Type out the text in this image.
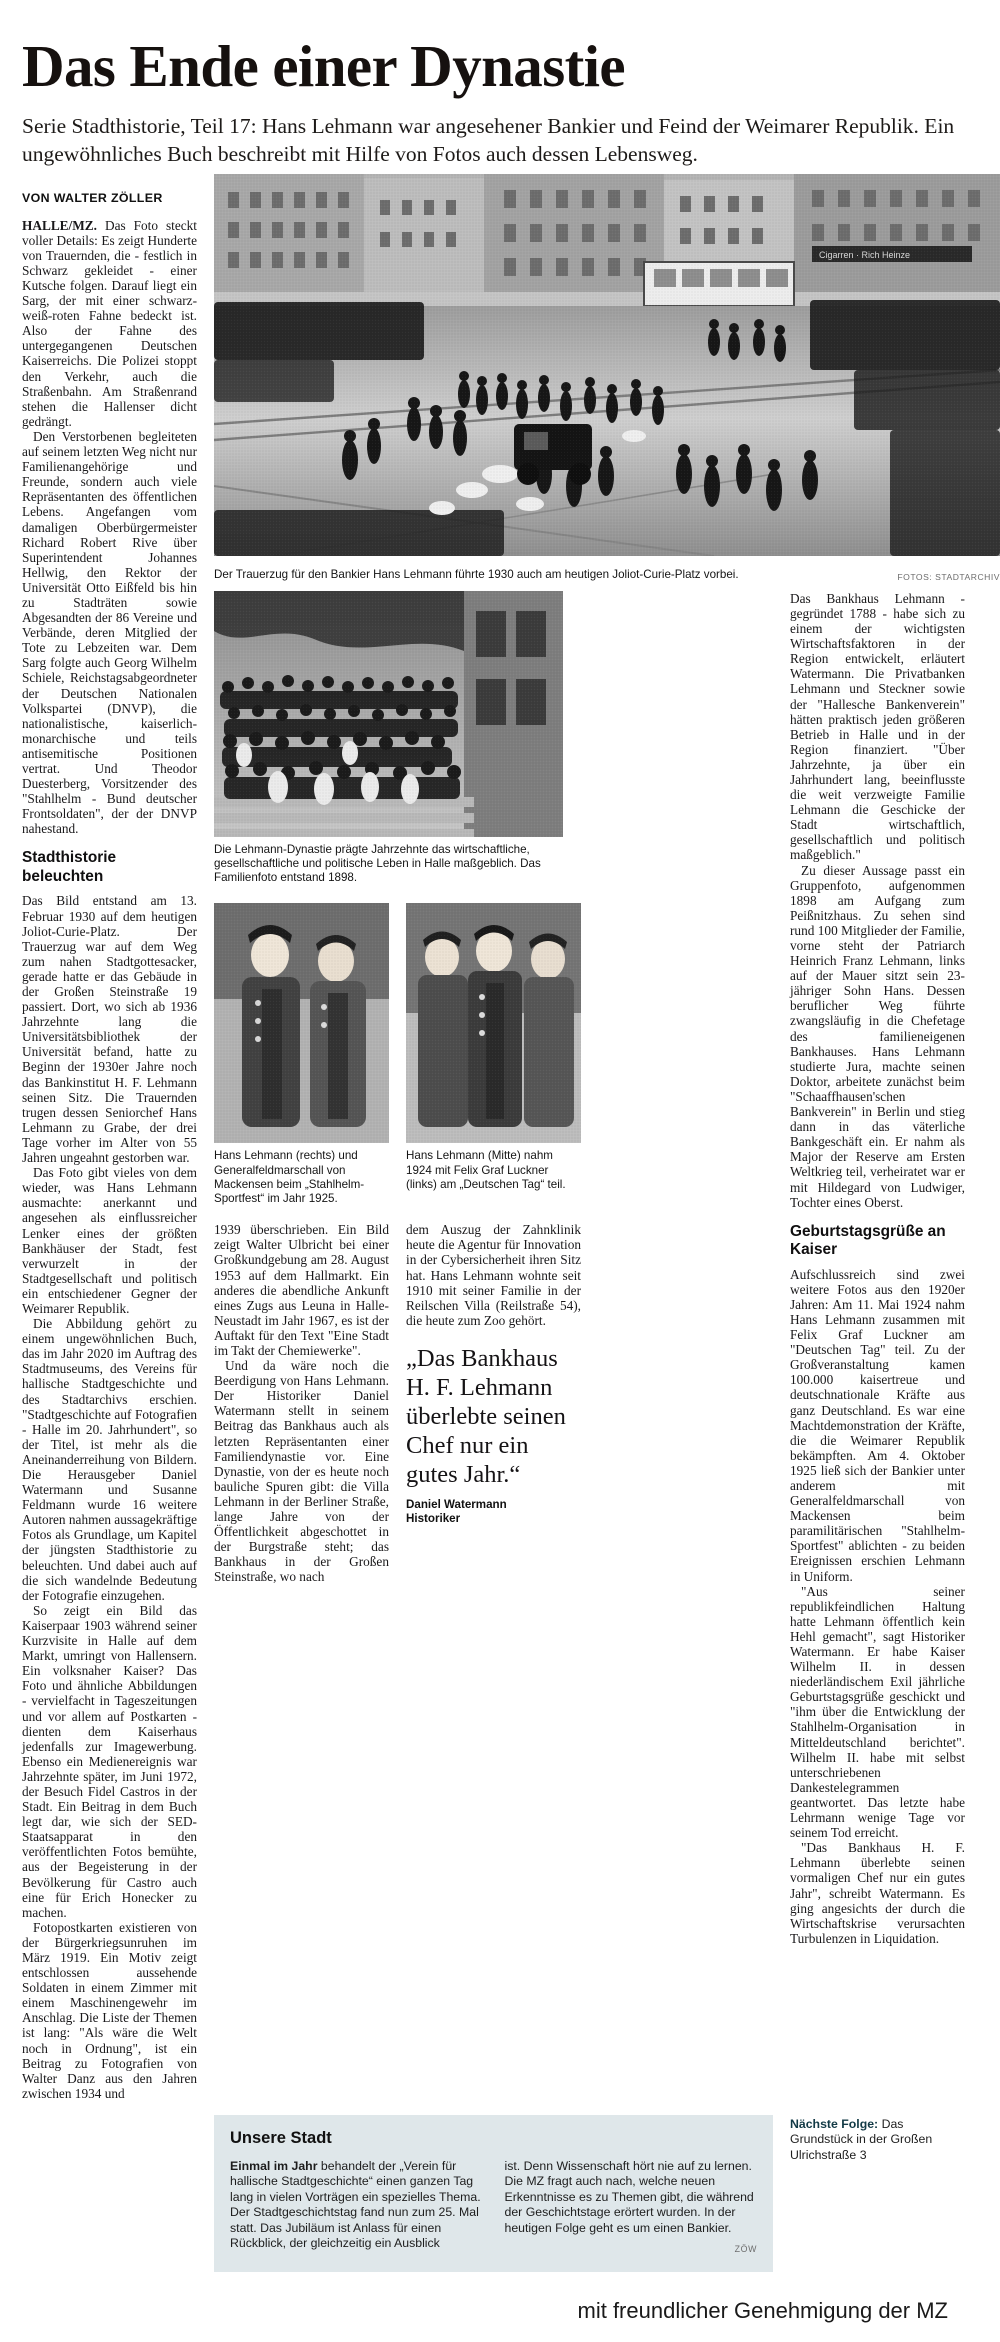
Das Ende einer Dynastie

Serie Stadthistorie, Teil 17: Hans Lehmann war angesehener Bankier und Feind der Weimarer Republik. Ein ungewöhnliches Buch beschreibt mit Hilfe von Fotos auch dessen Lebensweg.

VON WALTER ZÖLLER

HALLE/MZ. Das Foto steckt voller Details: Es zeigt Hunderte von Trauernden, die - festlich in Schwarz gekleidet - einer Kutsche folgen. Darauf liegt ein Sarg, der mit einer schwarz-weiß-roten Fahne bedeckt ist. Also der Fahne des untergegangenen Deutschen Kaiserreichs. Die Polizei stoppt den Verkehr, auch die Straßenbahn. Am Straßenrand stehen die Hallenser dicht gedrängt.

Den Verstorbenen begleiteten auf seinem letzten Weg nicht nur Familienangehörige und Freunde, sondern auch viele Repräsentanten des öffentlichen Lebens. Angefangen vom damaligen Oberbürgermeister Richard Robert Rive über Superintendent Johannes Hellwig, den Rektor der Universität Otto Eißfeld bis hin zu Stadträten sowie Abgesandten der 86 Vereine und Verbände, deren Mitglied der Tote zu Lebzeiten war. Dem Sarg folgte auch Georg Wilhelm Schiele, Reichstagsabgeordneter der Deutschen Nationalen Volkspartei (DNVP), die nationalistische, kaiserlich-monarchische und teils antisemitische Positionen vertrat. Und Theodor Duesterberg, Vorsitzender des "Stahlhelm - Bund deutscher Frontsoldaten", der der DNVP nahestand.

Stadthistorie beleuchten

Das Bild entstand am 13. Februar 1930 auf dem heutigen Joliot-Curie-Platz. Der Trauerzug war auf dem Weg zum nahen Stadtgottesacker, gerade hatte er das Gebäude in der Großen Steinstraße 19 passiert. Dort, wo sich ab 1936 Jahrzehnte lang die Universitätsbibliothek der Universität befand, hatte zu Beginn der 1930er Jahre noch das Bankinstitut H. F. Lehmann seinen Sitz. Die Trauernden trugen dessen Seniorchef Hans Lehmann zu Grabe, der drei Tage vorher im Alter von 55 Jahren ungeahnt gestorben war.

Das Foto gibt vieles von dem wieder, was Hans Lehmann ausmachte: anerkannt und angesehen als einflussreicher Lenker eines der größten Bankhäuser der Stadt, fest verwurzelt in der Stadtgesellschaft und politisch ein entschiedener Gegner der Weimarer Republik.

Die Abbildung gehört zu einem ungewöhnlichen Buch, das im Jahr 2020 im Auftrag des Stadtmuseums, des Vereins für hallische Stadtgeschichte und des Stadtarchivs erschien. "Stadtgeschichte auf Fotografien - Halle im 20. Jahrhundert", so der Titel, ist mehr als die Aneinanderreihung von Bildern. Die Herausgeber Daniel Watermann und Susanne Feldmann wurde 16 weitere Autoren nahmen aussagekräftige Fotos als Grundlage, um Kapitel der jüngsten Stadthistorie zu beleuchten. Und dabei auch auf die sich wandelnde Bedeutung der Fotografie einzugehen.

So zeigt ein Bild das Kaiserpaar 1903 während seiner Kurzvisite in Halle auf dem Markt, umringt von Hallensern. Ein volksnaher Kaiser? Das Foto und ähnliche Abbildungen - vervielfacht in Tageszeitungen und vor allem auf Postkarten - dienten dem Kaiserhaus jedenfalls zur Imagewerbung. Ebenso ein Medienereignis war Jahrzehnte später, im Juni 1972, der Besuch Fidel Castros in der Stadt. Ein Beitrag in dem Buch legt dar, wie sich der SED-Staatsapparat in den veröffentlichten Fotos bemühte, aus der Begeisterung in der Bevölkerung für Castro auch eine für Erich Honecker zu machen.

Fotopostkarten existieren von der Bürgerkriegsunruhen im März 1919. Ein Motiv zeigt entschlossen aussehende Soldaten in einem Zimmer mit einem Maschinengewehr im Anschlag. Die Liste der Themen ist lang: "Als wäre die Welt noch in Ordnung", ist ein Beitrag zu Fotografien von Walter Danz aus den Jahren zwischen 1934 und

Der Trauerzug für den Bankier Hans Lehmann führte 1930 auch am heutigen Joliot-Curie-Platz vorbei.	FOTOS: STADTARCHIV
Die Lehmann-Dynastie prägte Jahrzehnte das wirtschaftliche, gesellschaftliche und politische Leben in Halle maßgeblich. Das Familienfoto entstand 1898.
Hans Lehmann (rechts) und Generalfeldmarschall von Mackensen beim „Stahlhelm-Sportfest“ im Jahr 1925.
Hans Lehmann (Mitte) nahm 1924 mit Felix Graf Luckner (links) am „Deutschen Tag“ teil.

1939 überschrieben. Ein Bild zeigt Walter Ulbricht bei einer Großkundgebung am 28. August 1953 auf dem Hallmarkt. Ein anderes die abendliche Ankunft eines Zugs aus Leuna in Halle-Neustadt im Jahr 1967, es ist der Auftakt für den Text "Eine Stadt im Takt der Chemiewerke".

Und da wäre noch die Beerdigung von Hans Lehmann. Der Historiker Daniel Watermann stellt in seinem Beitrag das Bankhaus auch als letzten Repräsentanten einer Familiendynastie vor. Eine Dynastie, von der es heute noch bauliche Spuren gibt: die Villa Lehmann in der Berliner Straße, lange Jahre von der Öffentlichkeit abgeschottet in der Burgstraße steht; das Bankhaus in der Großen Steinstraße, wo nach

dem Auszug der Zahnklinik heute die Agentur für Innovation in der Cybersicherheit ihren Sitz hat. Hans Lehmann wohnte seit 1910 mit seiner Familie in der Reilschen Villa (Reilstraße 54), die heute zum Zoo gehört.

„Das Bankhaus H. F. Lehmann überlebte seinen Chef nur ein gutes Jahr.“
Daniel Watermann
Historiker

Das Bankhaus Lehmann - gegründet 1788 - habe sich zu einem der wichtigsten Wirtschaftsfaktoren in der Region entwickelt, erläutert Watermann. Die Privatbanken Lehmann und Steckner sowie der "Hallesche Bankenverein" hätten praktisch jeden größeren Betrieb in Halle und in der Region finanziert. "Über Jahrzehnte, ja über ein Jahrhundert lang, beeinflusste die weit verzweigte Familie Lehmann die Geschicke der Stadt wirtschaftlich, gesellschaftlich und politisch maßgeblich."

Zu dieser Aussage passt ein Gruppenfoto, aufgenommen 1898 am Aufgang zum Peißnitzhaus. Zu sehen sind rund 100 Mitglieder der Familie, vorne steht der Patriarch Heinrich Franz Lehmann, links auf der Mauer sitzt sein 23-jähriger Sohn Hans. Dessen beruflicher Weg führte zwangsläufig in die Chefetage des familieneigenen Bankhauses. Hans Lehmann studierte Jura, machte seinen Doktor, arbeitete zunächst beim "Schaaffhausen'schen Bankverein" in Berlin und stieg dann in das väterliche Bankgeschäft ein. Er nahm als Major der Reserve am Ersten Weltkrieg teil, verheiratet war er mit Hildegard von Ludwiger, Tochter eines Oberst.

Geburtstagsgrüße an Kaiser

Aufschlussreich sind zwei weitere Fotos aus den 1920er Jahren: Am 11. Mai 1924 nahm Hans Lehmann zusammen mit Felix Graf Luckner am "Deutschen Tag" teil. Zu der Großveranstaltung kamen 100.000 kaisertreue und deutschnationale Kräfte aus ganz Deutschland. Es war eine Machtdemonstration der Kräfte, die die Weimarer Republik bekämpften. Am 4. Oktober 1925 ließ sich der Bankier unter anderem mit Generalfeldmarschall von Mackensen beim paramilitärischen "Stahlhelm-Sportfest" ablichten - zu beiden Ereignissen erschien Lehmann in Uniform.

"Aus seiner republikfeindlichen Haltung hatte Lehmann öffentlich kein Hehl gemacht", sagt Historiker Watermann. Er habe Kaiser Wilhelm II. in dessen niederländischem Exil jährliche Geburtstagsgrüße geschickt und "ihm über die Entwicklung der Stahlhelm-Organisation in Mitteldeutschland berichtet". Wilhelm II. habe mit selbst unterschriebenen Dankestelegrammen geantwortet. Das letzte habe Lehrmann wenige Tage vor seinem Tod erreicht.

"Das Bankhaus H. F. Lehmann überlebte seinen vormaligen Chef nur ein gutes Jahr", schreibt Watermann. Es ging angesichts der durch die Wirtschaftskrise verursachten Turbulenzen in Liquidation.

Unsere Stadt

Einmal im Jahr behandelt der „Verein für hallische Stadtgeschichte“ einen ganzen Tag lang in vielen Vorträgen ein spezielles Thema. Der Stadtgeschichtstag fand nun zum 25. Mal statt. Das Jubiläum ist Anlass für einen Rückblick, der gleichzeitig ein Ausblick

ist. Denn Wissenschaft hört nie auf zu lernen. Die MZ fragt auch nach, welche neuen Erkenntnisse es zu Themen gibt, die während der Geschichtstage erörtert wurden. In der heutigen Folge geht es um einen Bankier.

ZÖW

Nächste Folge: Das Grundstück in der Großen Ulrichstraße 3

mit freundlicher Genehmigung der MZ
